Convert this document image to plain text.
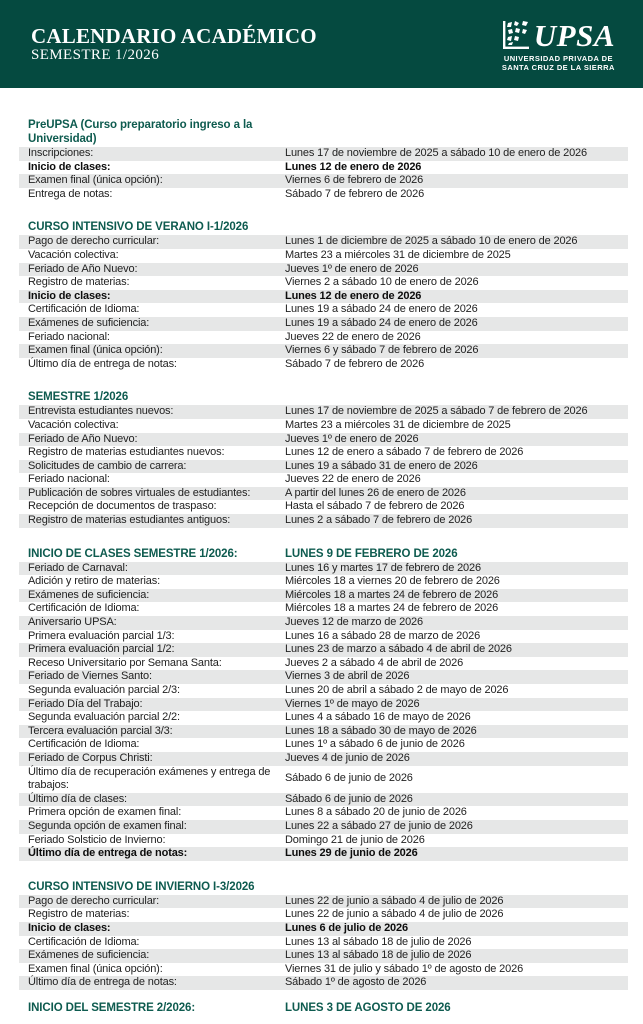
CALENDARIO ACADÉMICO
SEMESTRE 1/2026
UPSA
UNIVERSIDAD PRIVADA DE
SANTA CRUZ DE LA SIERRA
PreUPSA (Curso preparatorio ingreso a la Universidad)
Inscripciones:	Lunes 17 de noviembre de 2025 a sábado 10 de enero de 2026
Inicio de clases:	Lunes 12 de enero de 2026
Examen final (única opción):	Viernes 6 de febrero de 2026
Entrega de notas:	Sábado 7 de febrero de 2026
CURSO INTENSIVO DE VERANO I-1/2026
Pago de derecho curricular:	Lunes 1 de diciembre de 2025 a sábado 10 de enero de 2026
Vacación colectiva:	Martes 23 a miércoles 31 de diciembre de 2025
Feriado de Año Nuevo:	Jueves 1º de enero de 2026
Registro de materias:	Viernes 2 a sábado 10 de enero de 2026
Inicio de clases:	Lunes 12 de enero de 2026
Certificación de Idioma:	Lunes 19 a sábado 24 de enero de 2026
Exámenes de suficiencia:	Lunes 19 a sábado 24 de enero de 2026
Feriado nacional:	Jueves 22 de enero de 2026
Examen final (única opción):	Viernes 6 y sábado 7 de febrero de 2026
Último día de entrega de notas:	Sábado 7 de febrero de 2026
SEMESTRE 1/2026
Entrevista estudiantes nuevos:	Lunes 17 de noviembre de 2025 a sábado 7 de febrero de 2026
Vacación colectiva:	Martes 23 a miércoles 31 de diciembre de 2025
Feriado de Año Nuevo:	Jueves 1º de enero de 2026
Registro de materias estudiantes nuevos:	Lunes 12 de enero a sábado 7 de febrero de 2026
Solicitudes de cambio de carrera:	Lunes 19 a sábado 31 de enero de 2026
Feriado nacional:	Jueves 22 de enero de 2026
Publicación de sobres virtuales de estudiantes:	A partir del lunes 26 de enero de 2026
Recepción de documentos de traspaso:	Hasta el sábado 7 de febrero de 2026
Registro de materias estudiantes antiguos:	Lunes 2 a sábado 7 de febrero de 2026
INICIO DE CLASES SEMESTRE 1/2026:	LUNES 9 DE FEBRERO DE 2026
Feriado de Carnaval:	Lunes 16 y martes 17 de febrero de 2026
Adición y retiro de materias:	Miércoles 18 a viernes 20 de febrero de 2026
Exámenes de suficiencia:	Miércoles 18 a martes 24 de febrero de 2026
Certificación de Idioma:	Miércoles 18 a martes 24 de febrero de 2026
Aniversario UPSA:	Jueves 12 de marzo de 2026
Primera evaluación parcial 1/3:	Lunes 16 a sábado 28 de marzo de 2026
Primera evaluación parcial 1/2:	Lunes 23 de marzo a sábado 4 de abril de 2026
Receso Universitario por Semana Santa:	Jueves 2 a sábado 4 de abril de 2026
Feriado de Viernes Santo:	Viernes 3 de abril de 2026
Segunda evaluación parcial 2/3:	Lunes 20 de abril a sábado 2 de mayo de 2026
Feriado Día del Trabajo:	Viernes 1º de mayo de 2026
Segunda evaluación parcial 2/2:	Lunes 4 a sábado 16 de mayo de 2026
Tercera evaluación parcial 3/3:	Lunes 18 a sábado 30 de mayo de 2026
Certificación de Idioma:	Lunes 1º a sábado 6 de junio de 2026
Feriado de Corpus Christi:	Jueves 4 de junio de 2026
Último día de recuperación exámenes y entrega de trabajos:
Sábado 6 de junio de 2026
Último día de clases:	Sábado 6 de junio de 2026
Primera opción de examen final:	Lunes 8 a sábado 20 de junio de 2026
Segunda opción de examen final:	Lunes 22 a sábado 27 de junio de 2026
Feriado Solsticio de Invierno:	Domingo 21 de junio de 2026
Último día de entrega de notas:	Lunes 29 de junio de 2026
CURSO INTENSIVO DE INVIERNO I-3/2026
Pago de derecho curricular:	Lunes 22 de junio a sábado 4 de julio de 2026
Registro de materias:	Lunes 22 de junio a sábado 4 de julio de 2026
Inicio de clases:	Lunes 6 de julio de 2026
Certificación de Idioma:	Lunes 13 al sábado 18 de julio de 2026
Exámenes de suficiencia:	Lunes 13 al sábado 18 de julio de 2026
Examen final (única opción):	Viernes 31 de julio y sábado 1º de agosto de 2026
Último día de entrega de notas:	Sábado 1º de agosto de 2026
INICIO DEL SEMESTRE 2/2026:	LUNES 3 DE AGOSTO DE 2026
